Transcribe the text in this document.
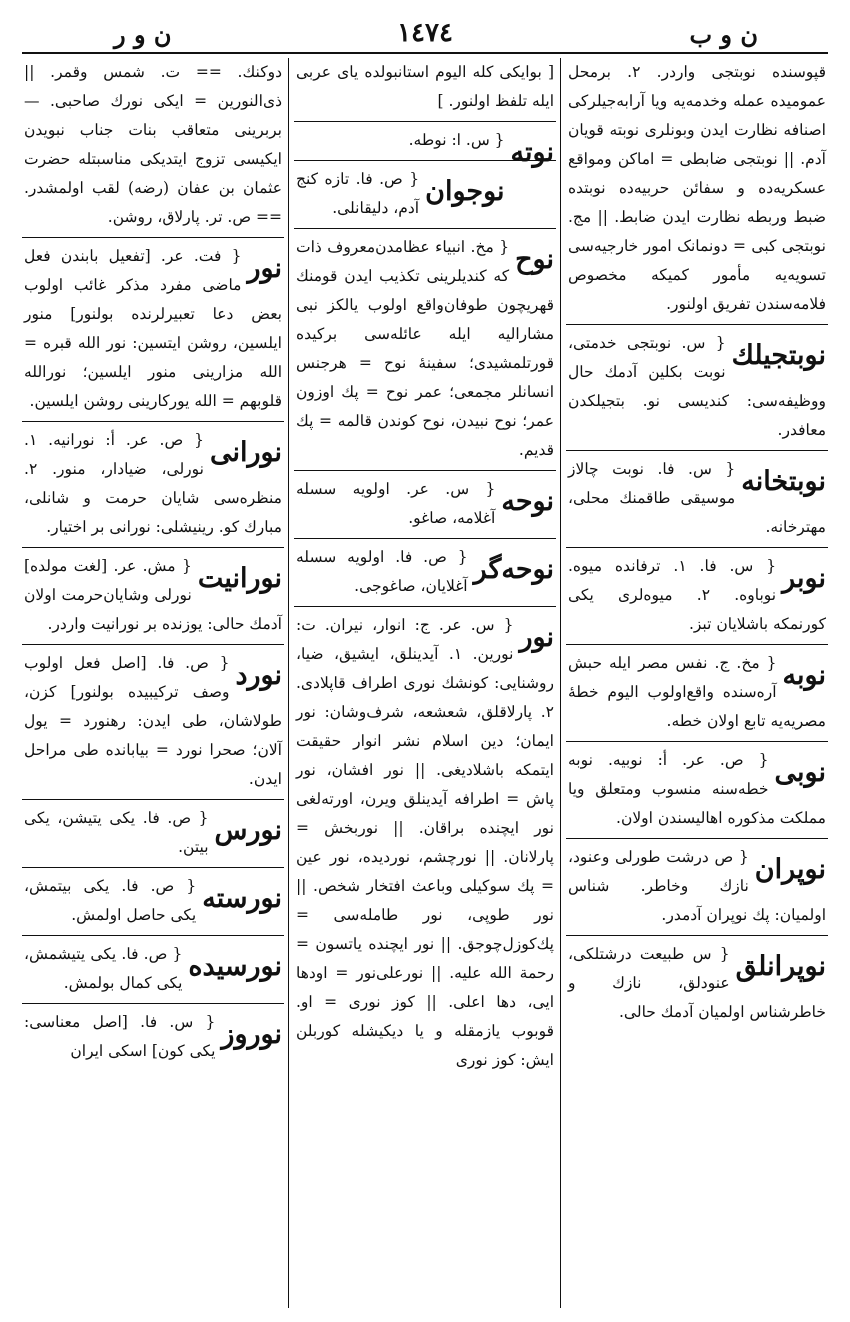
ن و ب
١٤٧٤
ن و ر
قپوسنده نوبتجی واردر. ۲. برمحل عمومیده عمله وخدمه‌یه ویا آرابه‌جیلرکی اصنافه نظارت ایدن وبونلری نوبته قویان آدم. || نوبتجی ضابطی = اماکن ومواقع عسکریه‌ده و سفائن حربیه‌ده نوبتده ضبط وربطه نظارت ایدن ضابط. || مج. نوبتجی کبی = دونمانک امور خارجیه‌سی تسویه‌یه مأمور کمیکه مخصوص فلامه‌سندن تفریق اولنور.
نوبتجیلك
{ س. نوبتجی خدمتی، نوبت بکلین آدمك حال ووظیفه‌سی: کندیسی نو. بتجیلکدن معافدر.
نوبتخانه
{ س. فا. نوبت چالاز موسیقی طاقمنك محلی، مهترخانه.
نوبر
{ س. فا. ۱. ترفانده میوه. نوباوه. ۲. میوه‌لری یکی کورنمکه باشلایان تبز.
نوبه
{ مخ. ج. نفس مصر ایله حبش آره‌سنده واقع‌اولوب الیوم خطهٔ مصریه‌یه تابع اولان خطه.
نوبی
{ ص. عر. أ: نوبیه. نوبه خطه‌سنه منسوب ومتعلق ویا مملکت مذکوره اهالیسندن اولان.
نوپران
{ ص درشت طورلی وعنود، نازك وخاطر. شناس اولمیان: پك نوپران آدمدر.
نوپرانلق
{ س طبیعت درشتلکی، عنودلق، نازك و خاطرشناس اولمیان آدمك حالی.
[ بوایکی کله الیوم استانبولده یای عربی ایله تلفظ اولنور. ]
نوته
{ س. ا: نوطه.
نوجوان
{ ص. فا. تازه کنج آدم، دلیقانلی.
نوح
{ مخ. انبیاء عظامدن‌معروف ذات که کندیلرینی تکذیب ایدن قومنك قهریچون طوفان‌واقع اولوب یالکز نبی مشارالیه ایله عائله‌سی برکیده قورتلمشیدی؛ سفینهٔ نوح = هرجنس انسانلر مجمعی؛ عمر نوح = پك اوزون عمر؛ نوح نبیدن، نوح کوندن قالمه = پك قدیم.
نوحه
{ س. عر. اولویه سسله آغلامه، صاغو.
نوحه‌گر
{ ص. فا. اولویه سسله آغلایان، صاغوجی.
نور
{ س. عر. ج: انوار، نیران. ت: نورین. ۱. آیدینلق، ایشیق، ضیا، روشنایی: کونشك نوری اطراف قاپلادی. ۲. پارلاقلق، شعشعه، شرف‌وشان: نور ایمان؛ دین اسلام نشر انوار حقیقت ایتمکه باشلادیغی. || نور افشان، نور پاش = اطرافه آیدینلق ویرن، اورته‌لغی نور ایچنده براقان. || نوربخش = پارلانان. || نورچشم، نوردیده، نور عین = پك سوکیلی وباعث افتخار شخص. || نور طوپی، نور طامله‌سی = پك‌کوزل‌چوجق. || نور ایچنده یاتسون = رحمة الله علیه. || نورعلی‌نور = اودها ایی، دها اعلی. || کوز نوری = او. قوبوب یازمقله و یا دیکیشله کوربلن ایش: کوز نوری
دوکنك. == ت. شمس وقمر. || ذی‌النورین = ایکی نورك صاحبی. — بربرینی متعاقب بنات جناب نبویدن ایکیسی تزوج ایتدیکی مناسبتله حضرت عثمان بن عفان (رضه) لقب اولمشدر. == ص. تر. پارلاق، روشن.
نور
{ فت. عر. [تفعیل بابندن فعل ماضی مفرد مذکر غائب اولوب بعض دعا تعبیرلرنده بولنور] منور ایلسین، روشن ایتسین: نور الله قبره = الله مزارینی منور ایلسین؛ نورالله قلوبهم = الله یورکارینی روشن ایلسین.
نورانی
{ ص. عر. أ: نورانیه. ۱. نورلی، ضیادار، منور. ۲. منظره‌سی شایان حرمت و شانلی، مبارك کو. رینیشلی: نورانی بر اختیار.
نورانیت
{ مش. عر. [لغت مولده] نورلی وشایان‌حرمت اولان آدمك حالی: یوزنده بر نورانیت واردر.
نورد
{ ص. فا. [اصل فعل اولوب وصف ترکیبیده بولنور] کزن، طولاشان، طی ایدن: رهنورد = یول آلان؛ صحرا نورد = بیابانده طی مراحل ایدن.
نورس
{ ص. فا. یکی یتیشن، یکی بیتن.
نورسته
{ ص. فا. یکی بیتمش، یکی حاصل اولمش.
نورسیده
{ ص. فا. یکی یتیشمش، یکی کمال بولمش.
نوروز
{ س. فا. [اصل معناسی: یکی کون] اسکی ایران
